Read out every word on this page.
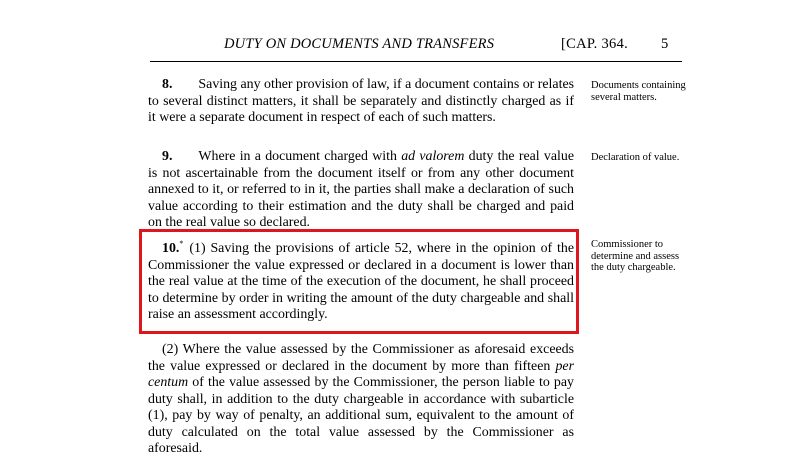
DUTY ON DOCUMENTS AND TRANSFERS	[CAP. 364. 5

8. Saving any other provision of law, if a document contains or relates to several distinct matters, it shall be separately and distinctly charged as if it were a separate document in respect of each of such matters.

Documents containing several matters.

9. Where in a document charged with ad valorem duty the real value is not ascertainable from the document itself or from any other document annexed to it, or referred to in it, the parties shall make a declaration of such value according to their estimation and the duty shall be charged and paid on the real value so declared.

Declaration of value.

10.* (1) Saving the provisions of article 52, where in the opinion of the Commissioner the value expressed or declared in a document is lower than the real value at the time of the execution of the document, he shall proceed to determine by order in writing the amount of the duty chargeable and shall raise an assessment accordingly.

Commissioner to determine and assess the duty chargeable.

(2) Where the value assessed by the Commissioner as aforesaid exceeds the value expressed or declared in the document by more than fifteen per centum of the value assessed by the Commissioner, the person liable to pay duty shall, in addition to the duty chargeable in accordance with subarticle (1), pay by way of penalty, an additional sum, equivalent to the amount of duty calculated on the total value assessed by the Commissioner as aforesaid.
